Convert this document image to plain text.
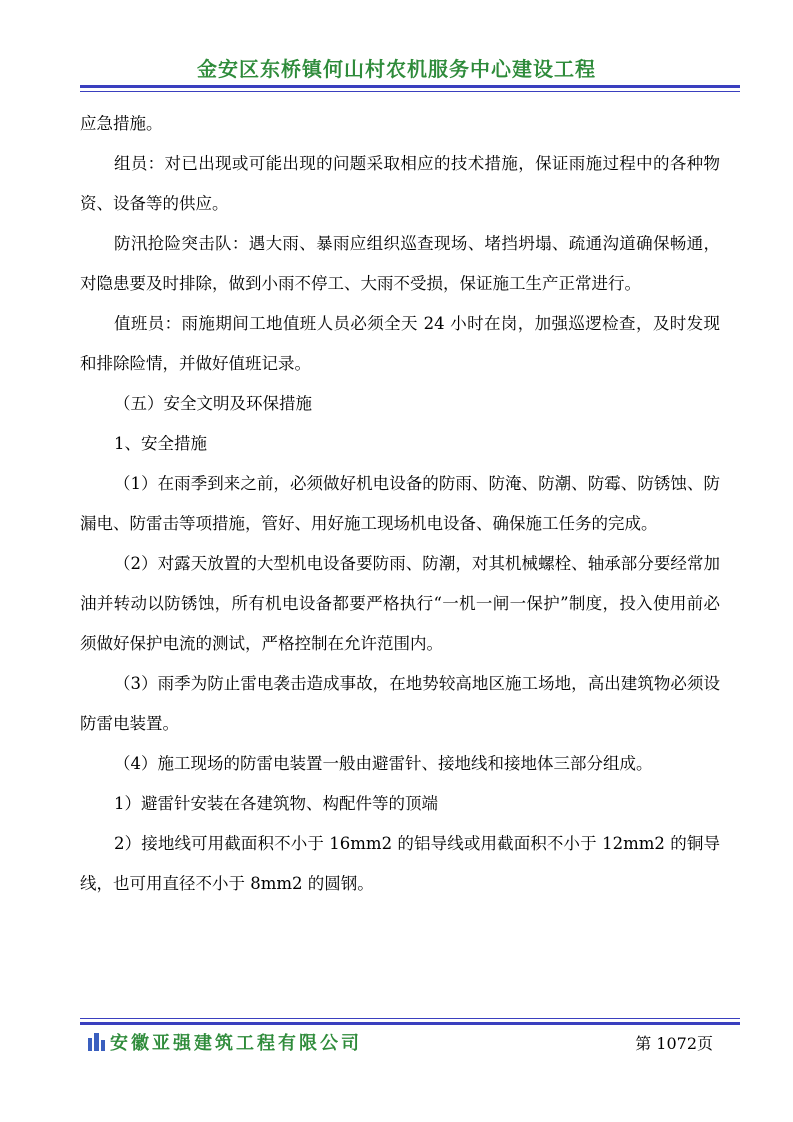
金安区东桥镇何山村农机服务中心建设工程

应急措施。

组员：对已出现或可能出现的问题采取相应的技术措施，保证雨施过程中的各种物资、设备等的供应。

防汛抢险突击队：遇大雨、暴雨应组织巡查现场、堵挡坍塌、疏通沟道确保畅通，对隐患要及时排除，做到小雨不停工、大雨不受损，保证施工生产正常进行。

值班员：雨施期间工地值班人员必须全天 24 小时在岗，加强巡逻检查，及时发现和排除险情，并做好值班记录。

（五）安全文明及环保措施

1、安全措施

（1）在雨季到来之前，必须做好机电设备的防雨、防淹、防潮、防霉、防锈蚀、防漏电、防雷击等项措施，管好、用好施工现场机电设备、确保施工任务的完成。

（2）对露天放置的大型机电设备要防雨、防潮，对其机械螺栓、轴承部分要经常加油并转动以防锈蚀，所有机电设备都要严格执行“一机一闸一保护”制度，投入使用前必须做好保护电流的测试，严格控制在允许范围内。

（3）雨季为防止雷电袭击造成事故，在地势较高地区施工场地，高出建筑物必须设防雷电装置。

（4）施工现场的防雷电装置一般由避雷针、接地线和接地体三部分组成。

1）避雷针安装在各建筑物、构配件等的顶端

2）接地线可用截面积不小于 16mm2 的铝导线或用截面积不小于 12mm2 的铜导线，也可用直径不小于 8mm2 的圆钢。

安徽亚强建筑工程有限公司	第 1072页
